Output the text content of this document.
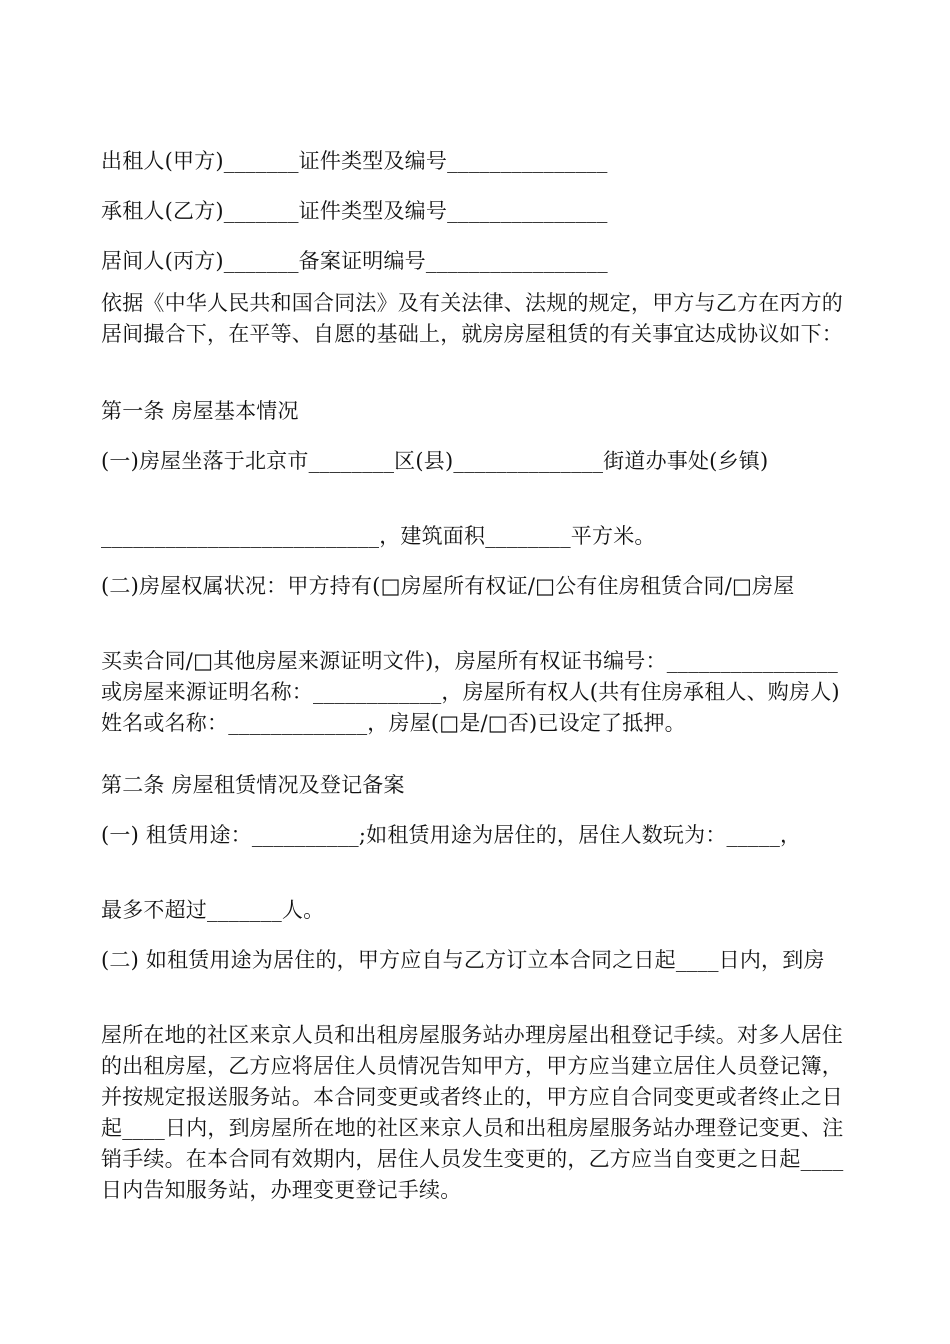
出租人(甲方)_______证件类型及编号_______________

承租人(乙方)_______证件类型及编号_______________

居间人(丙方)_______备案证明编号_________________

依据《中华人民共和国合同法》及有关法律、法规的规定，甲方与乙方在丙方的居间撮合下，在平等、自愿的基础上，就房房屋租赁的有关事宜达成协议如下：

第一条 房屋基本情况

(一)房屋坐落于北京市________区(县)______________街道办事处(乡镇)

__________________________，建筑面积________平方米。

(二)房屋权属状况：甲方持有(□房屋所有权证/□公有住房租赁合同/□房屋

买卖合同/□其他房屋来源证明文件)，房屋所有权证书编号：________________或房屋来源证明名称：____________，房屋所有权人(共有住房承租人、购房人)姓名或名称：_____________，房屋(□是/□否)已设定了抵押。

第二条 房屋租赁情况及登记备案

(一) 租赁用途：__________;如租赁用途为居住的，居住人数玩为：_____，

最多不超过_______人。

(二) 如租赁用途为居住的，甲方应自与乙方订立本合同之日起____日内，到房

屋所在地的社区来京人员和出租房屋服务站办理房屋出租登记手续。对多人居住的出租房屋，乙方应将居住人员情况告知甲方，甲方应当建立居住人员登记簿，并按规定报送服务站。本合同变更或者终止的，甲方应自合同变更或者终止之日起____日内，到房屋所在地的社区来京人员和出租房屋服务站办理登记变更、注销手续。在本合同有效期内，居住人员发生变更的，乙方应当自变更之日起____日内告知服务站，办理变更登记手续。
